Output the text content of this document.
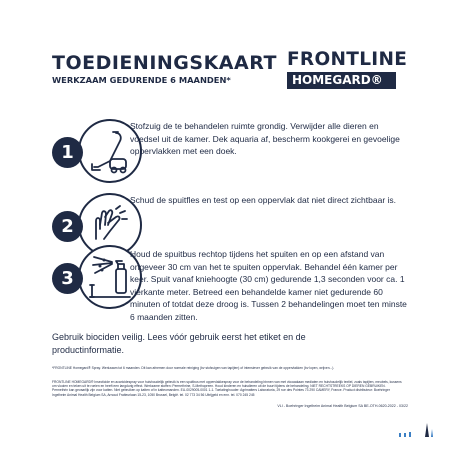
TOEDIENINGSKAART
WERKZAAM GEDURENDE 6 MAANDEN*
FRONTLINE
HOMEGARD®
1
Stofzuig de te behandelen ruimte grondig. Verwijder alle dieren en voedsel uit de kamer. Dek aquaria af, bescherm kookgerei en gevoelige oppervlakken met een doek.
2
Schud de spuitfles en test op een oppervlak dat niet direct zichtbaar is.
3
Houd de spuitbus rechtop tijdens het spuiten en op een afstand van ongeveer 30 cm van het te spuiten oppervlak. Behandel één kamer per keer. Spuit vanaf kniehoogte (30 cm) gedurende 1,3 seconden voor ca. 1 vierkante meter. Betreed een behandelde kamer niet gedurende 60 minuten of totdat deze droog is. Tussen 2 behandelingen moet ten minste 6 maanden zitten.
Gebruik biociden veilig. Lees vóór gebruik eerst het etiket en de productinformatie.
*FRONTLINE Homegard® Spray. Werkzaam tot 6 maanden. Dit kan afnemen door normale reiniging (bv stofzuigen van tapijten) of intensiever gebruik van de oppervlakken (bv lopen, wrijven...).
FRONTLINE HOMEGARD® Insecticide en acaricidespray voor huishoudelijk gebruik is een spuitbus met oppervlakkespray voor de behandeling binnen van met vlooaakaan mediaten en huishoudelijk textiel, zoals tapijten, meubels, kussens om vlooien en teken uit te roeien en heeft een langdurig effect. Werkzame stoffen: Permethrine, S-Methopreen. Houd kinderen en huisdieren uit de buurt tijdens de behandeling. NIET RECHTSTREEKS OP DIEREN GEBRUIKEN. Permethrin kan gevaarlijk zijn voor katten. Niet gebruiken op katten of in katteomanden. EU-0029005-0001 1-1. Toelatinghouder: Agrimatters Laboratoria, 29 rue des Pointes 73 290 CAMERY, France. Product distributeur: Boehringer Ingelheim Animal Health Belgium SA, Arnoud Fraiteurlaan 15-23, 1050 Brussel, België. tel. 02 773 34 56 Uitrijgeld en enn. tel. 070 245 245
VLI - Boehringer Ingelheim Animal Health Belgium SA BE-OTH-0620-2022 - 03/22
